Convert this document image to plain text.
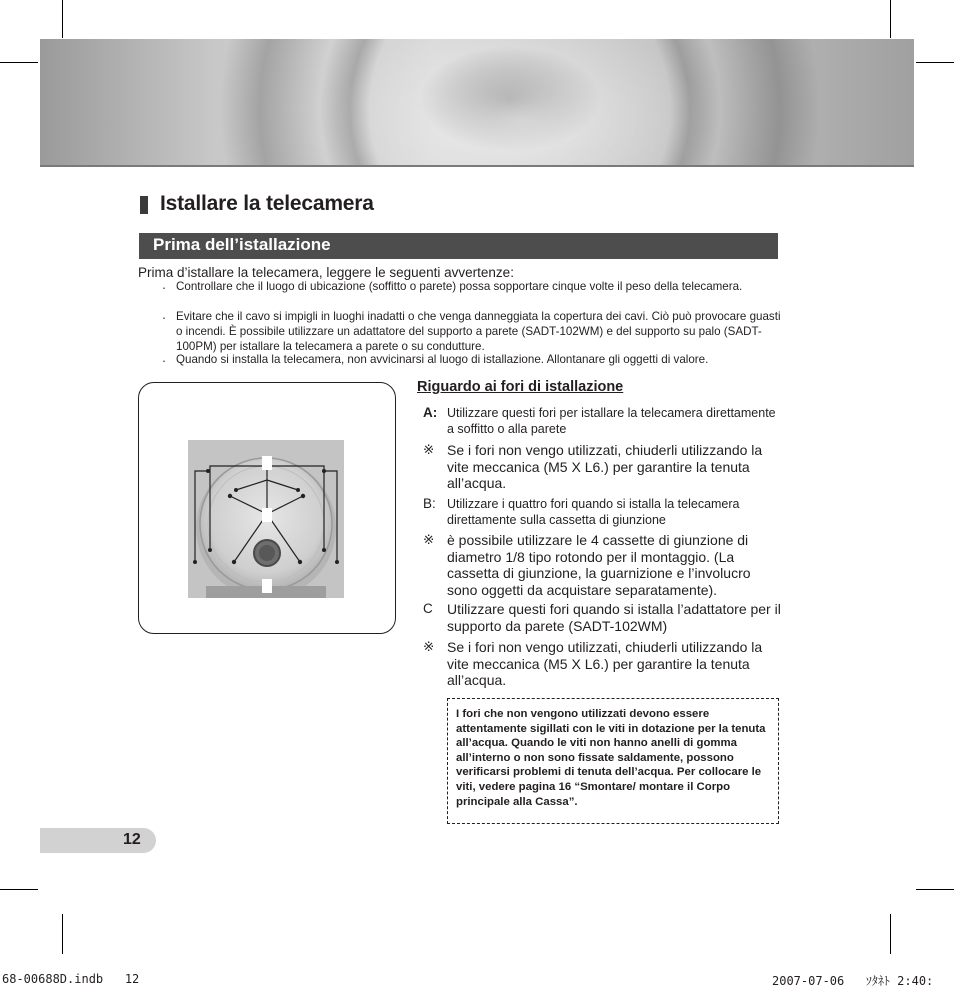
Istallare la telecamera
Prima dell’istallazione
Prima d’istallare la telecamera, leggere le seguenti avvertenze:
・ Controllare che il luogo di ubicazione (soffitto o parete) possa sopportare cinque volte il peso della telecamera.
・ Evitare che il cavo si impigli in luoghi inadatti o che venga danneggiata la copertura dei cavi. Ciò può provocare guasti o incendi. È possibile utilizzare un adattatore del supporto a parete (SADT-102WM) e del supporto su palo (SADT-100PM) per istallare la telecamera a parete o su condutture.
・ Quando si installa la telecamera, non avvicinarsi al luogo di istallazione. Allontanare gli oggetti di valore.
Riguardo ai fori di istallazione
A: Utilizzare questi fori per istallare la telecamera direttamente a soffitto o alla parete
※ Se i fori non vengo utilizzati, chiuderli utilizzando la vite meccanica (M5 X L6.) per garantire la tenuta all’acqua.
B: Utilizzare i quattro fori quando si istalla la telecamera direttamente sulla cassetta di giunzione
※ è possibile utilizzare le 4 cassette di giunzione di diametro 1/8 tipo rotondo per il montaggio. (La cassetta di giunzione, la guarnizione e l’involucro sono oggetti da acquistare separatamente).
C Utilizzare questi fori quando si istalla l’adattatore per il supporto da parete (SADT-102WM)
※ Se i fori non vengo utilizzati, chiuderli utilizzando la vite meccanica (M5 X L6.) per garantire la tenuta all’acqua.
I fori che non vengono utilizzati devono essere attentamente sigillati con le viti in dotazione per la tenuta all’acqua. Quando le viti non hanno anelli di gomma all’interno o non sono fissate saldamente, possono verificarsi problemi di tenuta dell’acqua. Per collocare le viti, vedere pagina 16 “Smontare/ montare il Corpo principale alla Cassa”.
12
68-00688D.indb   12	2007-07-06   ｿﾀﾈﾄ 2:40:
